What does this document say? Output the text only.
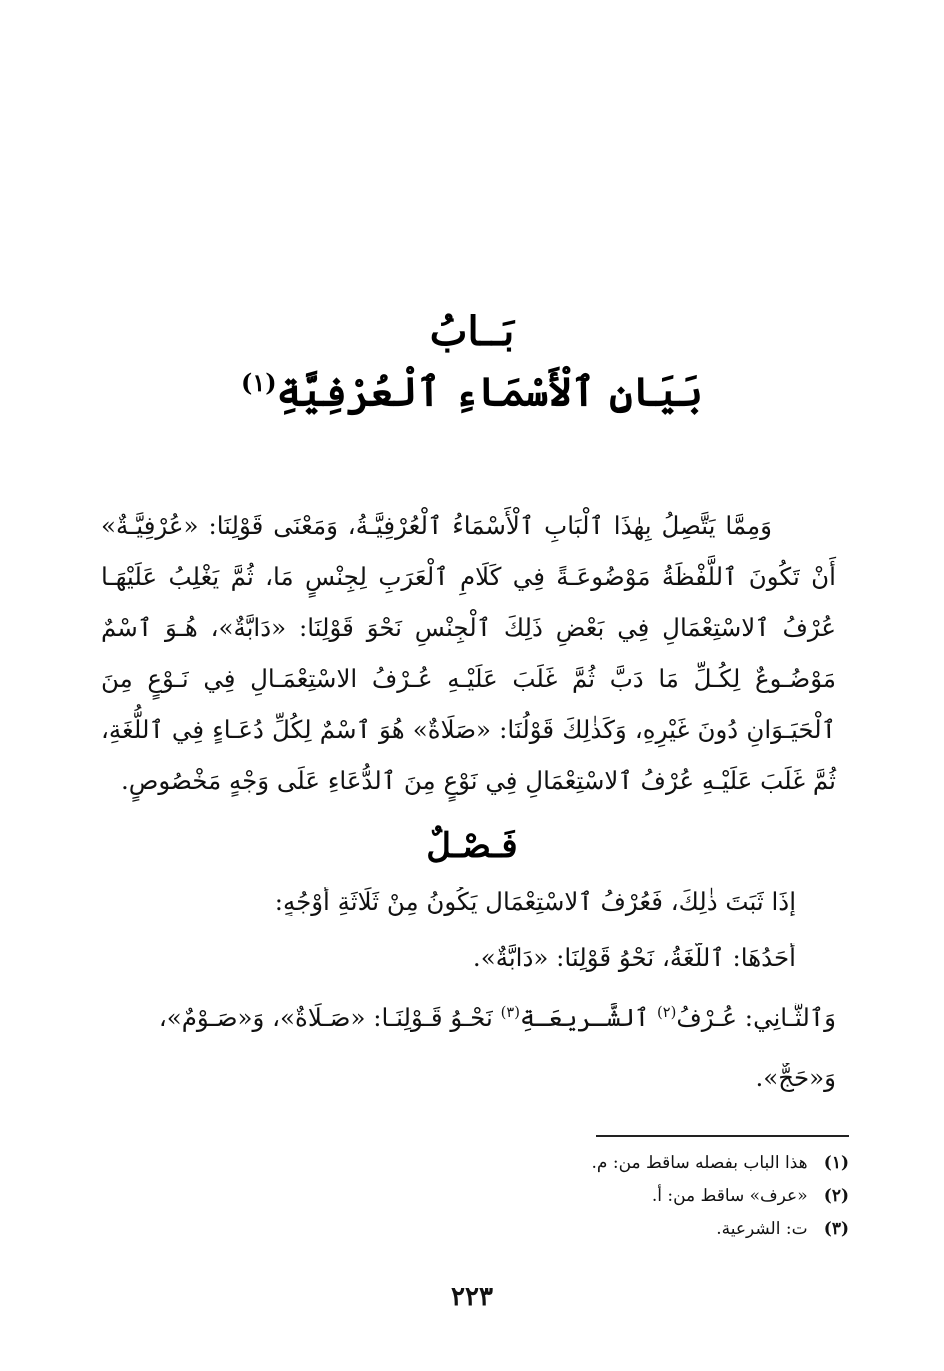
بَــابُ
بَيَانِ ٱلْأَسْمَاءِ ٱلْعُرْفِيَّةِ$^{(١)}$
وَمِمَّا يَتَّصِلُ بِهٰذَا ٱلْبَابِ ٱلْأَسْمَاءُ ٱلْعُرْفِيَّـةُ، وَمَعْنَى قَوْلِنَا: «عُرْفِيَّـةٌ» أَنْ تَكُونَ ٱللَّفْظَةُ مَوْضُوعَـةً فِي كَلَامِ ٱلْعَرَبِ لِجِنْسٍ مَا، ثُمَّ يَغْلِبُ عَلَيْهَـا عُرْفُ ٱلاسْتِعْمَالِ فِي بَعْضِ ذَلِكَ ٱلْجِنْسِ نَحْوَ قَوْلِنَا: «دَابَّةٌ»، هُـوَ ٱسْمٌ مَوْضُـوعٌ لِكُـلِّ مَا دَبَّ ثُمَّ غَلَبَ عَلَيْـهِ عُـرْفُ الاسْتِعْمَـالِ فِي نَـوْعٍ مِنَ ٱلْحَيَـوَانِ دُونَ غَيْرِهِ، وَكَذٰلِكَ قَوْلُنَا: «صَلَاةٌ» هُوَ ٱسْمٌ لِكُلِّ دُعَـاءٍ فِي ٱللُّغَةِ، ثُمَّ غَلَبَ عَلَيْـهِ عُرْفُ ٱلاسْتِعْمَالِ فِي نَوْعٍ مِنَ ٱلدُّعَاءِ عَلَى وَجْهٍ مَخْصُوصٍ.
فَـصْـلٌ
إِذَا ثَبَتَ ذٰلِكَ، فَعُرْفُ ٱلاسْتِعْمَالِ يَكُونُ مِنْ ثَلَاثَةِ أَوْجُهٍ:
أَحَدُهَا: ٱللُّغَةُ، نَحْوُ قَوْلِنَا: «دَابَّةٌ».
وَٱلثَّـانِي: عُـرْفُ$^{(٢)}$ ٱلشَّـرِيعَـةِ$^{(٣)}$ نَحْـوُ قَـوْلِنَـا: «صَـلَاةٌ»، وَ«صَـوْمٌ»،
وَ«حَجٌّ».
(١) هذا الباب بفصله ساقط من: م.
(٢) «عرف» ساقط من: أ.
(٣) ت: الشرعية.
٢٢٣
